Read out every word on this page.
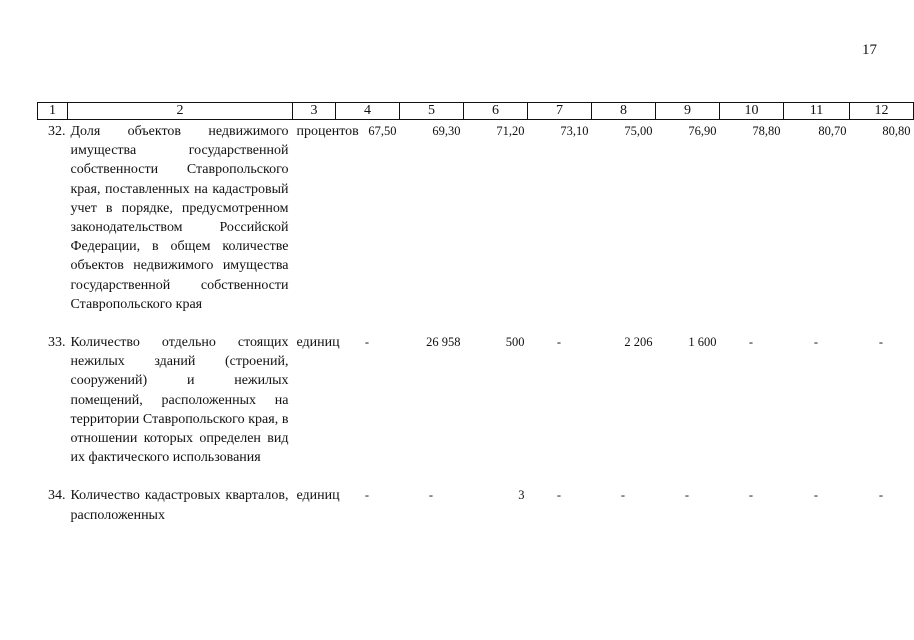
17
1	2	3	4	5	6	7	8	9	10	11	12
32.	Доля объектов недвижимого имущества государственной собственности Ставропольского края, поставленных на кадастровый учет в порядке, предусмотренном законодательством Российской Федерации, в общем количестве объектов недвижимого имущества государственной собственности Ставропольского края	процентов	67,50	69,30	71,20	73,10	75,00	76,90	78,80	80,70	80,80

33.	Количество отдельно стоящих нежилых зданий (строений, сооружений) и нежилых помещений, расположенных на территории Ставропольского края, в отношении которых определен вид их фактического использования	единиц	-	26 958	500	-	2 206	1 600	-	-	-

34.	Количество кадастровых кварталов, расположенных	единиц	-	-	3	-	-	-	-	-	-
